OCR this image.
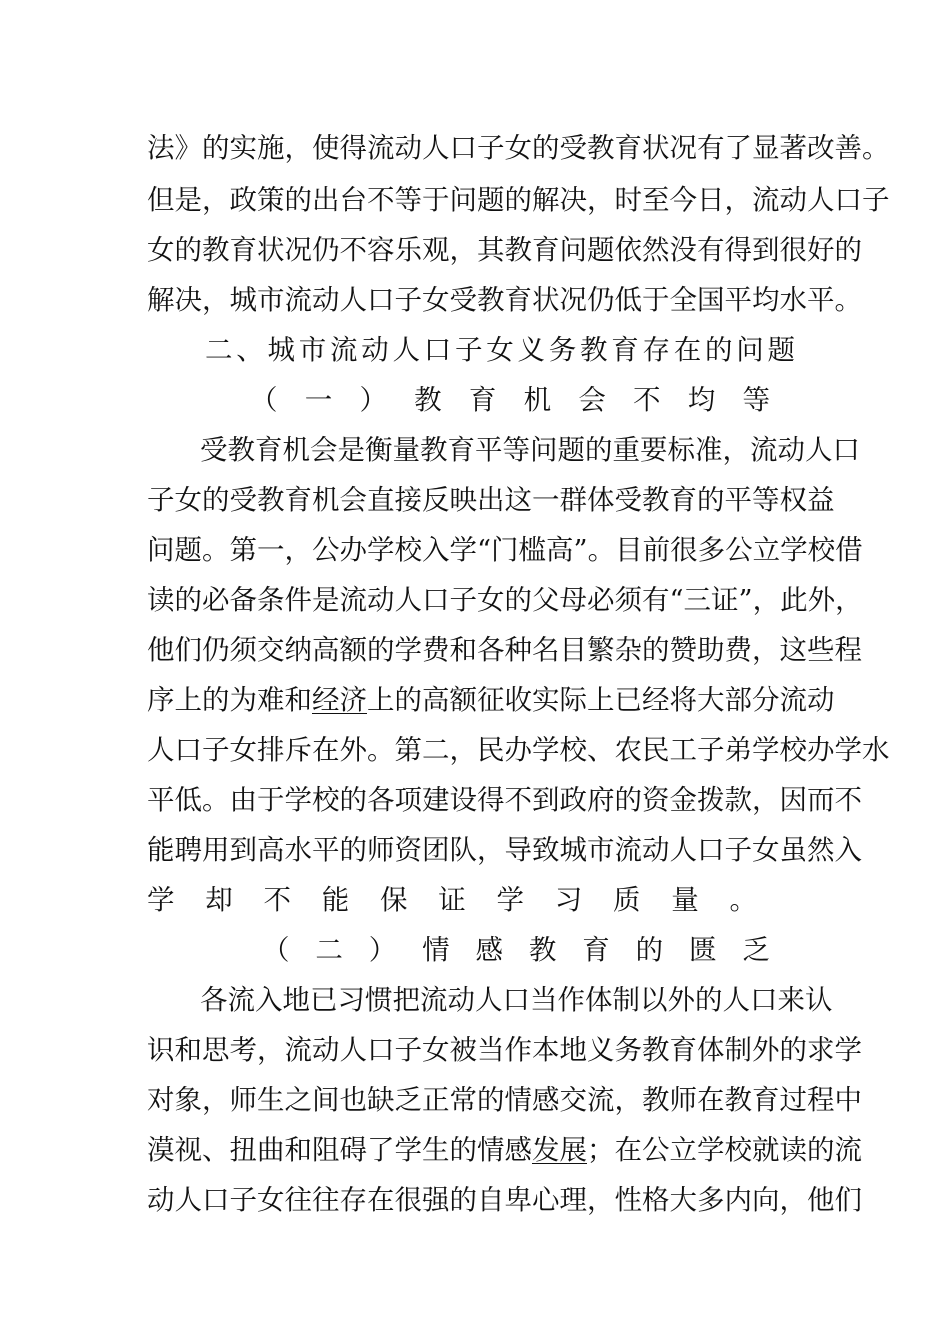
法》的实施，使得流动人口子女的受教育状况有了显著改善。
但是，政策的出台不等于问题的解决，时至今日，流动人口子
女的教育状况仍不容乐观，其教育问题依然没有得到很好的
解决，城市流动人口子女受教育状况仍低于全国平均水平。
二 、 城 市 流 动 人 口 子 女 义 务 教 育 存 在 的 问 题
（ 一 ） 教 育 机 会 不 均 等
受教育机会是衡量教育平等问题的重要标准，流动人口
子女的受教育机会直接反映出这一群体受教育的平等权益
问题。第一，公办学校入学“门槛高”。目前很多公立学校借
读的必备条件是流动人口子女的父母必须有“三证”，此外，
他们仍须交纳高额的学费和各种名目繁杂的赞助费，这些程
序上的为难和经济上的高额征收实际上已经将大部分流动
人口子女排斥在外。第二，民办学校、农民工子弟学校办学水
平低。由于学校的各项建设得不到政府的资金拨款，因而不
能聘用到高水平的师资团队，导致城市流动人口子女虽然入
学 却 不 能 保 证 学 习 质 量 。
（ 二 ） 情 感 教 育 的 匮 乏
各流入地已习惯把流动人口当作体制以外的人口来认
识和思考，流动人口子女被当作本地义务教育体制外的求学
对象，师生之间也缺乏正常的情感交流，教师在教育过程中
漠视、扭曲和阻碍了学生的情感发展；在公立学校就读的流
动人口子女往往存在很强的自卑心理，性格大多内向，他们
